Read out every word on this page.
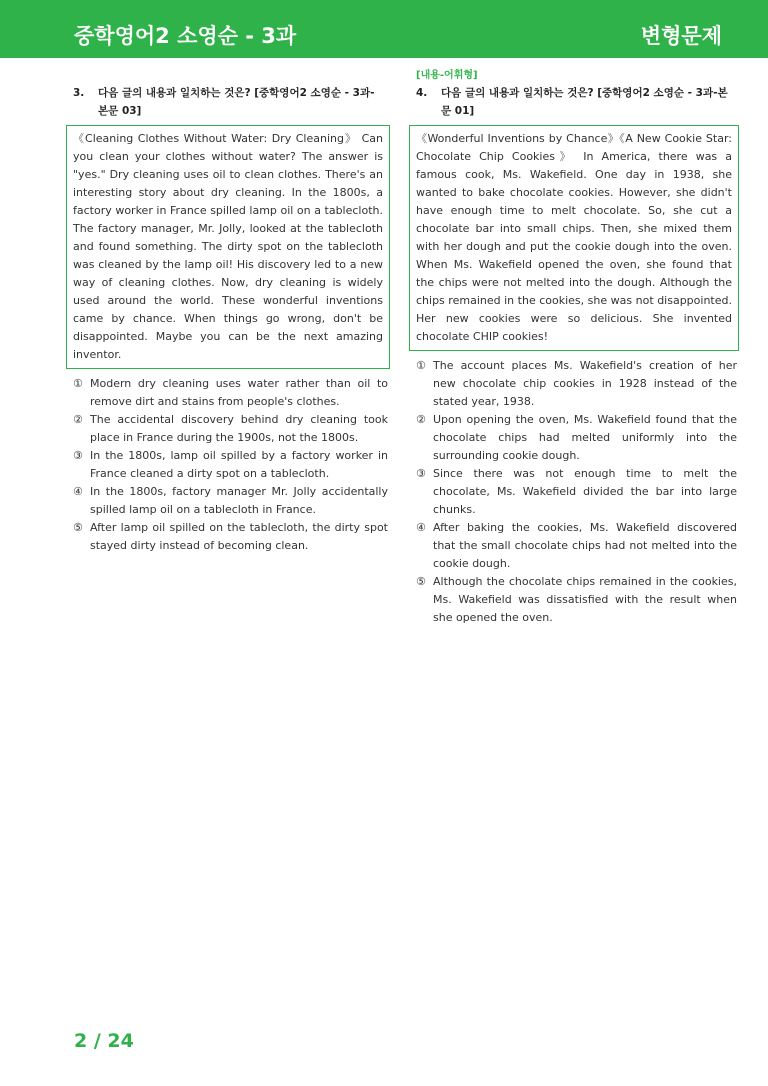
중학영어2 소영순 - 3과	변형문제
3. 다음 글의 내용과 일치하는 것은? [중학영어2 소영순 - 3과-본문 03]
《Cleaning Clothes Without Water: Dry Cleaning》 Can you clean your clothes without water? The answer is "yes." Dry cleaning uses oil to clean clothes. There's an interesting story about dry cleaning. In the 1800s, a factory worker in France spilled lamp oil on a tablecloth. The factory manager, Mr. Jolly, looked at the tablecloth and found something. The dirty spot on the tablecloth was cleaned by the lamp oil! His discovery led to a new way of cleaning clothes. Now, dry cleaning is widely used around the world. These wonderful inventions came by chance. When things go wrong, don't be disappointed. Maybe you can be the next amazing inventor.
① Modern dry cleaning uses water rather than oil to remove dirt and stains from people's clothes.
② The accidental discovery behind dry cleaning took place in France during the 1900s, not the 1800s.
③ In the 1800s, lamp oil spilled by a factory worker in France cleaned a dirty spot on a tablecloth.
④ In the 1800s, factory manager Mr. Jolly accidentally spilled lamp oil on a tablecloth in France.
⑤ After lamp oil spilled on the tablecloth, the dirty spot stayed dirty instead of becoming clean.
[내용-어휘형]
4. 다음 글의 내용과 일치하는 것은? [중학영어2 소영순 - 3과-본문 01]
《Wonderful Inventions by Chance》《A New Cookie Star: Chocolate Chip Cookies》 In America, there was a famous cook, Ms. Wakefield. One day in 1938, she wanted to bake chocolate cookies. However, she didn't have enough time to melt chocolate. So, she cut a chocolate bar into small chips. Then, she mixed them with her dough and put the cookie dough into the oven. When Ms. Wakefield opened the oven, she found that the chips were not melted into the dough. Although the chips remained in the cookies, she was not disappointed. Her new cookies were so delicious. She invented chocolate CHIP cookies!
① The account places Ms. Wakefield's creation of her new chocolate chip cookies in 1928 instead of the stated year, 1938.
② Upon opening the oven, Ms. Wakefield found that the chocolate chips had melted uniformly into the surrounding cookie dough.
③ Since there was not enough time to melt the chocolate, Ms. Wakefield divided the bar into large chunks.
④ After baking the cookies, Ms. Wakefield discovered that the small chocolate chips had not melted into the cookie dough.
⑤ Although the chocolate chips remained in the cookies, Ms. Wakefield was dissatisfied with the result when she opened the oven.
2 / 24
